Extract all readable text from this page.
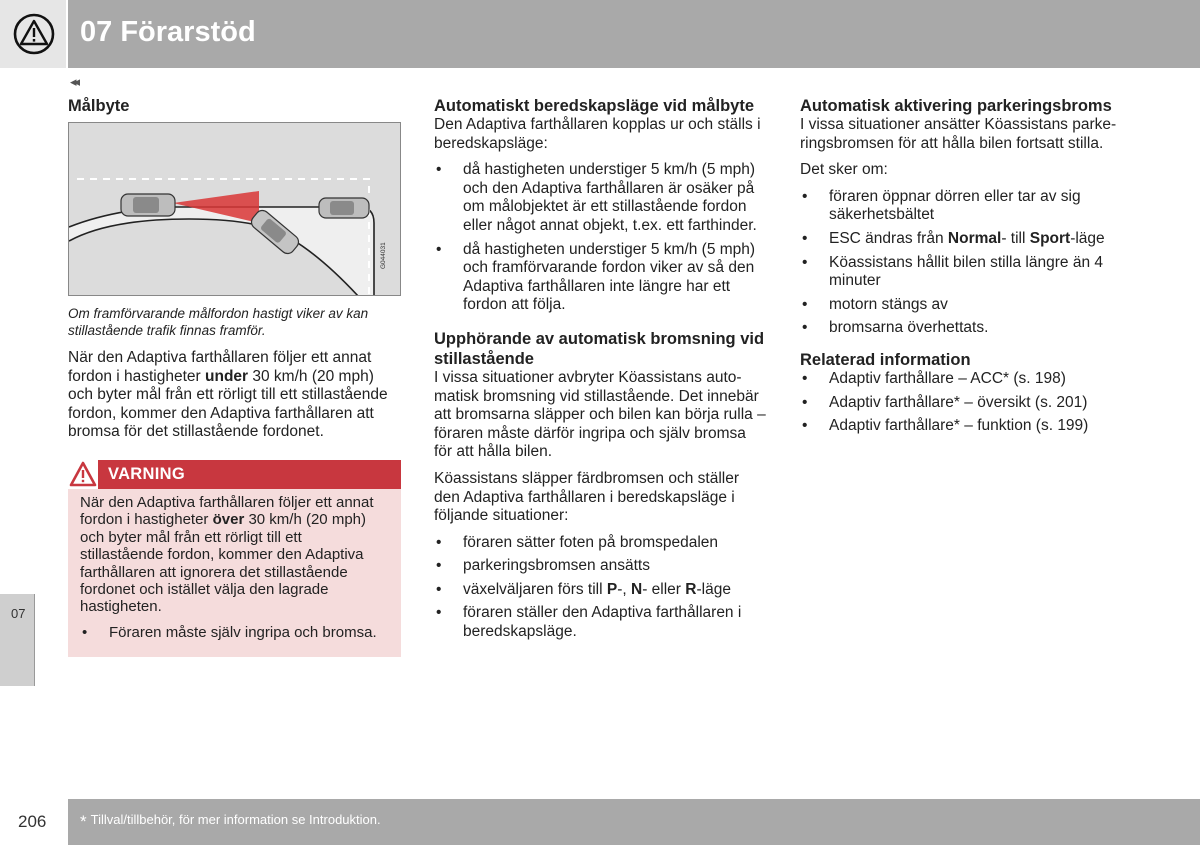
07 Förarstöd
◂◂
Målbyte
G044031
Om framförvarande målfordon hastigt viker av kan stillastående trafik finnas framför.
När den Adaptiva farthållaren följer ett annat fordon i hastigheter under 30 km/h (20 mph) och byter mål från ett rörligt till ett stillastående fordon, kommer den Adaptiva farthållaren att bromsa för det stillastående fordonet.
VARNING
När den Adaptiva farthållaren följer ett annat fordon i hastigheter över 30 km/h (20 mph) och byter mål från ett rörligt till ett stillastående fordon, kommer den Adaptiva farthållaren att ignorera det stillastående fordonet och istället välja den lagrade hastigheten.
• Föraren måste själv ingripa och bromsa.
Automatiskt beredskapsläge vid målbyte
Den Adaptiva farthållaren kopplas ur och ställs i beredskapsläge:
• då hastigheten understiger 5 km/h (5 mph) och den Adaptiva farthållaren är osäker på om målobjektet är ett stillastående fordon eller något annat objekt, t.ex. ett farthinder.
• då hastigheten understiger 5 km/h (5 mph) och framförvarande fordon viker av så den Adaptiva farthållaren inte längre har ett fordon att följa.
Upphörande av automatisk bromsning vid stillastående
I vissa situationer avbryter Köassistans automatisk bromsning vid stillastående. Det innebär att bromsarna släpper och bilen kan börja rulla – föraren måste därför ingripa och själv bromsa för att hålla bilen.
Köassistans släpper färdbromsen och ställer den Adaptiva farthållaren i beredskapsläge i följande situationer:
• föraren sätter foten på bromspedalen
• parkeringsbromsen ansätts
• växelväljaren förs till P-, N- eller R-läge
• föraren ställer den Adaptiva farthållaren i beredskapsläge.
Automatisk aktivering parkeringsbroms
I vissa situationer ansätter Köassistans parkeringsbromsen för att hålla bilen fortsatt stilla.
Det sker om:
• föraren öppnar dörren eller tar av sig säkerhetsbältet
• ESC ändras från Normal- till Sport-läge
• Köassistans hållit bilen stilla längre än 4 minuter
• motorn stängs av
• bromsarna överhettats.
Relaterad information
• Adaptiv farthållare – ACC* (s. 198)
• Adaptiv farthållare* – översikt (s. 201)
• Adaptiv farthållare* – funktion (s. 199)
07
206 * Tillval/tillbehör, för mer information se Introduktion.
